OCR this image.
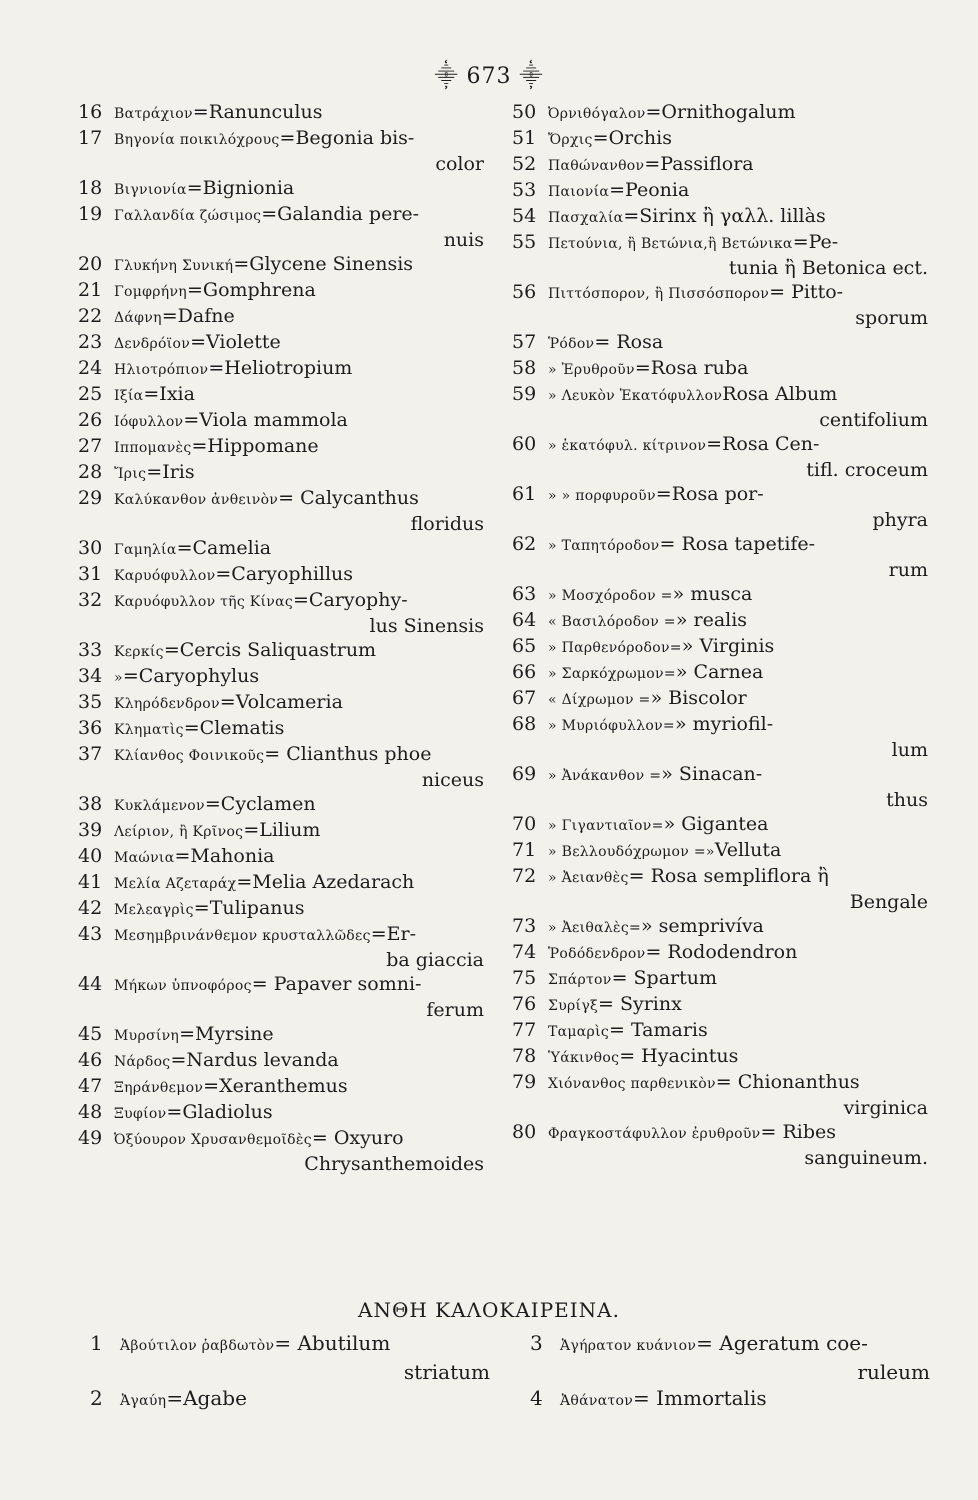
⸎ 673 ⸎
16 Βατράχιον=Ranunculus
17 Βηγονία ποικιλόχρους=Begonia bis-
color
18 Βιγνιονία=Bignionia
19 Γαλλανδία ζώσιμος=Galandia pere-
nuis
20 Γλυκήνη Συνική=Glycene Sinensis
21 Γομφρήνη=Gomphrena
22 Δάφνη=Dafne
23 Δενδρόϊον=Violette
24 Ηλιοτρόπιον=Heliotropium
25 Ιξία=Ixia
26 Ιόφυλλον=Viola mammola
27 Ιππομανὲς=Hippomane
28 Ἴρις=Iris
29 Καλύκανθον ἀνθεινὸν= Calycanthus
floridus
30 Γαμηλία=Camelia
31 Καρυόφυλλον=Caryophillus
32 Καρυόφυλλον τῆς Κίνας=Caryophy-
lus Sinensis
33 Κερκίς=Cercis Saliquastrum
34 »=Caryophylus
35 Κληρόδενδρον=Volcameria
36 Κληματὶς=Clematis
37 Κλίανθος Φοινικοῦς= Clianthus phoe
niceus
38 Κυκλάμενον=Cyclamen
39 Λείριον, ἢ Κρῖνος=Lilium
40 Μαώνια=Mahonia
41 Μελία Αζεταράχ=Melia Azedarach
42 Μελεαγρὶς=Tulipanus
43 Μεσημβρινάνθεμον κρυσταλλῶδες=Er-
ba giaccia
44 Μήκων ὑπνοφόρος= Papaver somni-
ferum
45 Μυρσίνη=Myrsine
46 Νάρδος=Nardus levanda
47 Ξηράνθεμον=Xeranthemus
48 Ξυφίον=Gladiolus
49 Ὀξύουρον Χρυσανθεμοῖδὲς= Oxyuro
Chrysanthemoides
50 Ὀρνιθόγαλον=Ornithogalum
51 Ὄρχις=Orchis
52 Παθώνανθον=Passiflora
53 Παιονία=Peonia
54 Πασχαλία=Sirinx ἢ γαλλ. lillàs
55 Πετούνια, ἢ Βετώνια,ἢ Βετώνικα=Pe-
tunia ἢ Betonica ect.
56 Πιττόσπορον, ἢ Πισσόσπορον= Pitto-
sporum
57 Ῥόδον= Rosa
58 » Ἐρυθροῦν=Rosa ruba
59 » Λευκὸν ἙκατόφυλλονRosa Album
centifolium
60 » ἑκατόφυλ. κίτρινον=Rosa Cen-
tifl. croceum
61 » » πορφυροῦν=Rosa por-
phyra
62 » Ταπητόροδον= Rosa tapetife-
rum
63 » Μοσχόροδον =» musca
64 « Βασιλόροδον =» realis
65 » Παρθενόροδον=» Virginis
66 » Σαρκόχρωμον=» Carnea
67 « Δίχρωμον =» Biscolor
68 » Μυριόφυλλον=» myriofil-
lum
69 » Ἀνάκανθον =» Sinacan-
thus
70 » Γιγαντιαῖον=» Gigantea
71 » Βελλουδόχρωμον =»Velluta
72 » Ἀειανθὲς= Rosa sempliflora ἢ
Bengale
73 » Ἀειθαλὲς=» semprivíva
74 Ῥοδόδενδρον= Rododendron
75 Σπάρτον= Spartum
76 Συρίγξ= Syrinx
77 Ταμαρὶς= Tamaris
78 Ὑάκινθος= Hyacintus
79 Χιόνανθος παρθενικὸν= Chionanthus
virginica
80 Φραγκοστάφυλλον ἐρυθροῦν= Ribes
sanguineum.
ΑΝΘΗ ΚΑΛΟΚΑΙΡΕΙΝΑ.
1	Ἀβούτιλον ῥαβδωτὸν= Abutilum
striatum
2	Ἀγαύη=Agabe
3	Ἀγήρατον κυάνιον= Ageratum coe-
ruleum
4	Ἀθάνατον= Immortalis
